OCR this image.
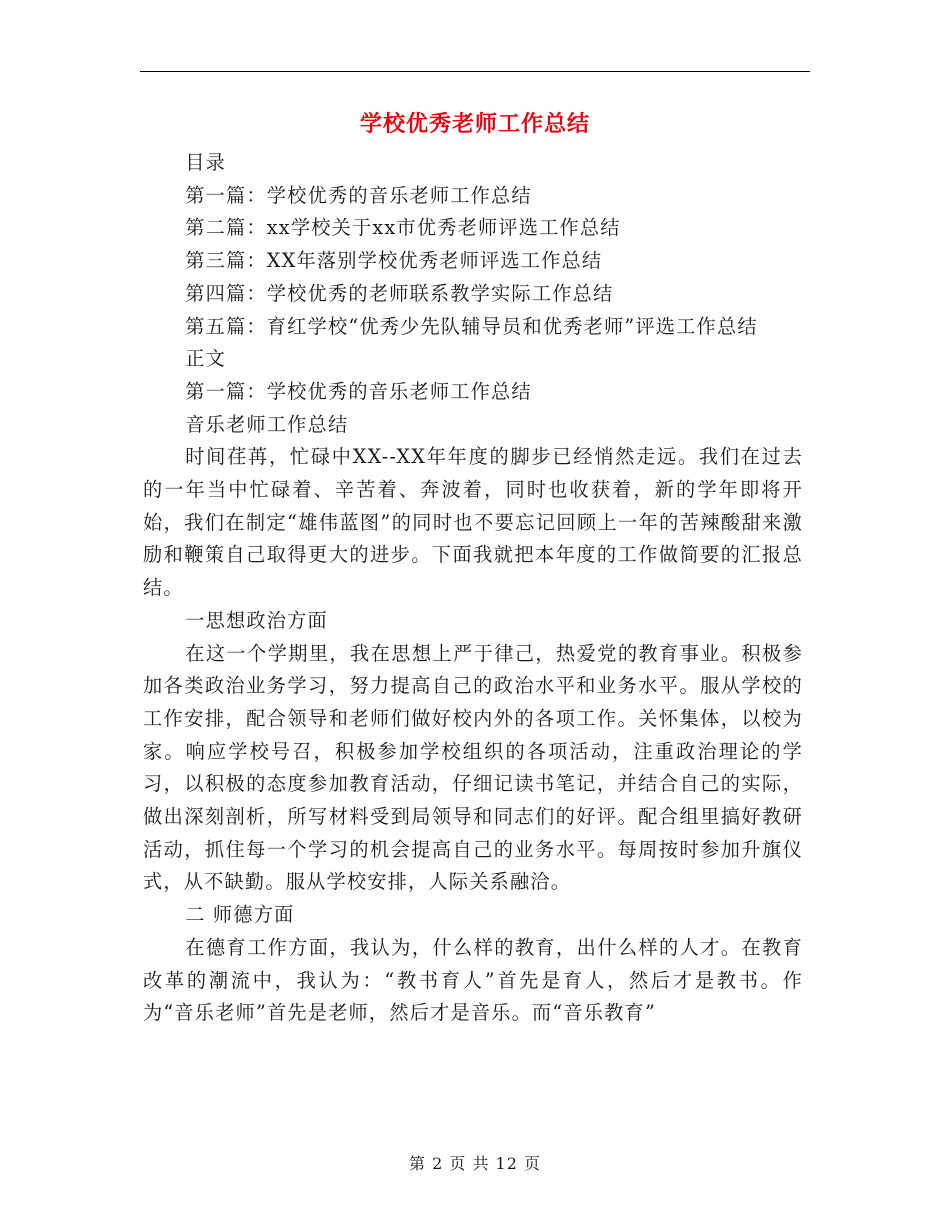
学校优秀老师工作总结

目录

第一篇：学校优秀的音乐老师工作总结

第二篇：xx学校关于xx市优秀老师评选工作总结

第三篇：XX年落别学校优秀老师评选工作总结

第四篇：学校优秀的老师联系教学实际工作总结

第五篇：育红学校“优秀少先队辅导员和优秀老师”评选工作总结

正文

第一篇：学校优秀的音乐老师工作总结

音乐老师工作总结

时间荏苒，忙碌中XX--XX年年度的脚步已经悄然走远。我们在过去的一年当中忙碌着、辛苦着、奔波着，同时也收获着，新的学年即将开始，我们在制定“雄伟蓝图”的同时也不要忘记回顾上一年的苦辣酸甜来激励和鞭策自己取得更大的进步。下面我就把本年度的工作做简要的汇报总结。

一思想政治方面

在这一个学期里，我在思想上严于律己，热爱党的教育事业。积极参加各类政治业务学习，努力提高自己的政治水平和业务水平。服从学校的工作安排，配合领导和老师们做好校内外的各项工作。关怀集体，以校为家。响应学校号召，积极参加学校组织的各项活动，注重政治理论的学习，以积极的态度参加教育活动，仔细记读书笔记，并结合自己的实际，做出深刻剖析，所写材料受到局领导和同志们的好评。配合组里搞好教研活动，抓住每一个学习的机会提高自己的业务水平。每周按时参加升旗仪式，从不缺勤。服从学校安排，人际关系融洽。

二 师德方面

在德育工作方面，我认为，什么样的教育，出什么样的人才。在教育改革的潮流中，我认为：“教书育人”首先是育人，然后才是教书。作为“音乐老师”首先是老师，然后才是音乐。而“音乐教育”

第 2 页 共 12 页
